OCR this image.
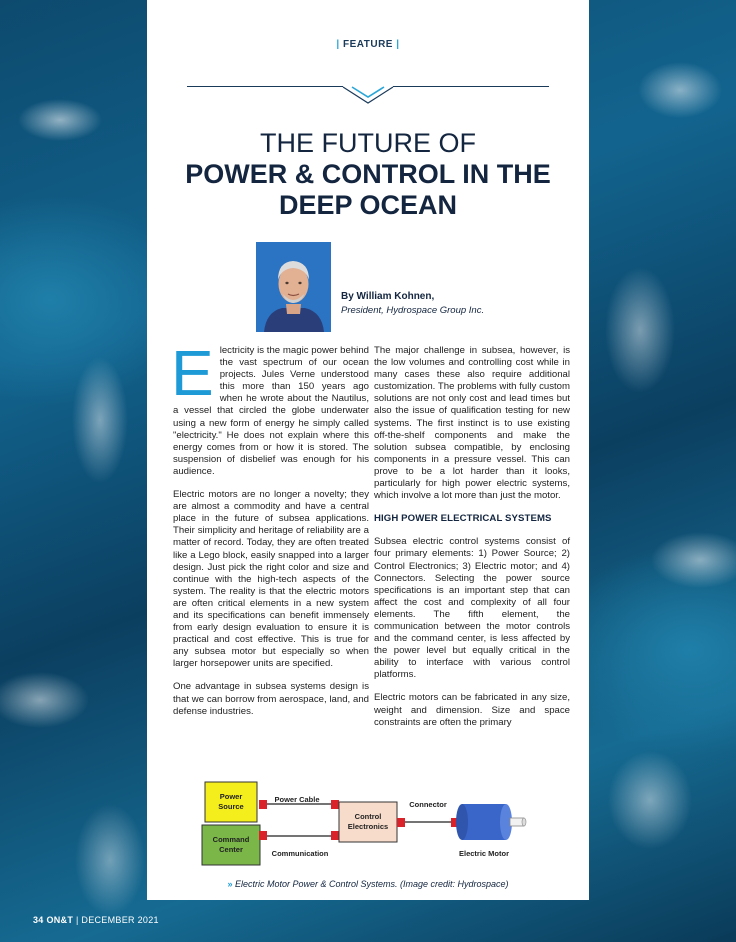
| FEATURE |
THE FUTURE OF
POWER & CONTROL IN THE
DEEP OCEAN
By William Kohnen,
President, Hydrospace Group Inc.

Electricity is the magic power behind the vast spectrum of our ocean projects. Jules Verne understood this more than 150 years ago when he wrote about the Nautilus, a vessel that circled the globe underwater using a new form of energy he simply called "electricity." He does not explain where this energy comes from or how it is stored. The suspension of disbelief was enough for his audience.

Electric motors are no longer a novelty; they are almost a commodity and have a central place in the future of subsea applications. Their simplicity and heritage of reliability are a matter of record. Today, they are often treated like a Lego block, easily snapped into a larger design. Just pick the right color and size and continue with the high-tech aspects of the system. The reality is that the electric motors are often critical elements in a new system and its specifications can benefit immensely from early design evaluation to ensure it is practical and cost effective. This is true for any subsea motor but especially so when larger horsepower units are specified.

One advantage in subsea systems design is that we can borrow from aerospace, land, and defense industries.

The major challenge in subsea, however, is the low volumes and controlling cost while in many cases these also require additional customization. The problems with fully custom solutions are not only cost and lead times but also the issue of qualification testing for new systems. The first instinct is to use existing off-the-shelf components and make the solution subsea compatible, by enclosing components in a pressure vessel. This can prove to be a lot harder than it looks, particularly for high power electric systems, which involve a lot more than just the motor.

HIGH POWER ELECTRICAL SYSTEMS

Subsea electric control systems consist of four primary elements: 1) Power Source; 2) Control Electronics; 3) Electric motor; and 4) Connectors. Selecting the power source specifications is an important step that can affect the cost and complexity of all four elements. The fifth element, the communication between the motor controls and the command center, is less affected by the power level but equally critical in the ability to interface with various control platforms.

Electric motors can be fabricated in any size, weight and dimension. Size and space constraints are often the primary

Power
Source
Command
Center
Power Cable
Communication
Control
Electronics
Connector
Electric Motor
» Electric Motor Power & Control Systems. (Image credit: Hydrospace)
34 ON&T | DECEMBER 2021
